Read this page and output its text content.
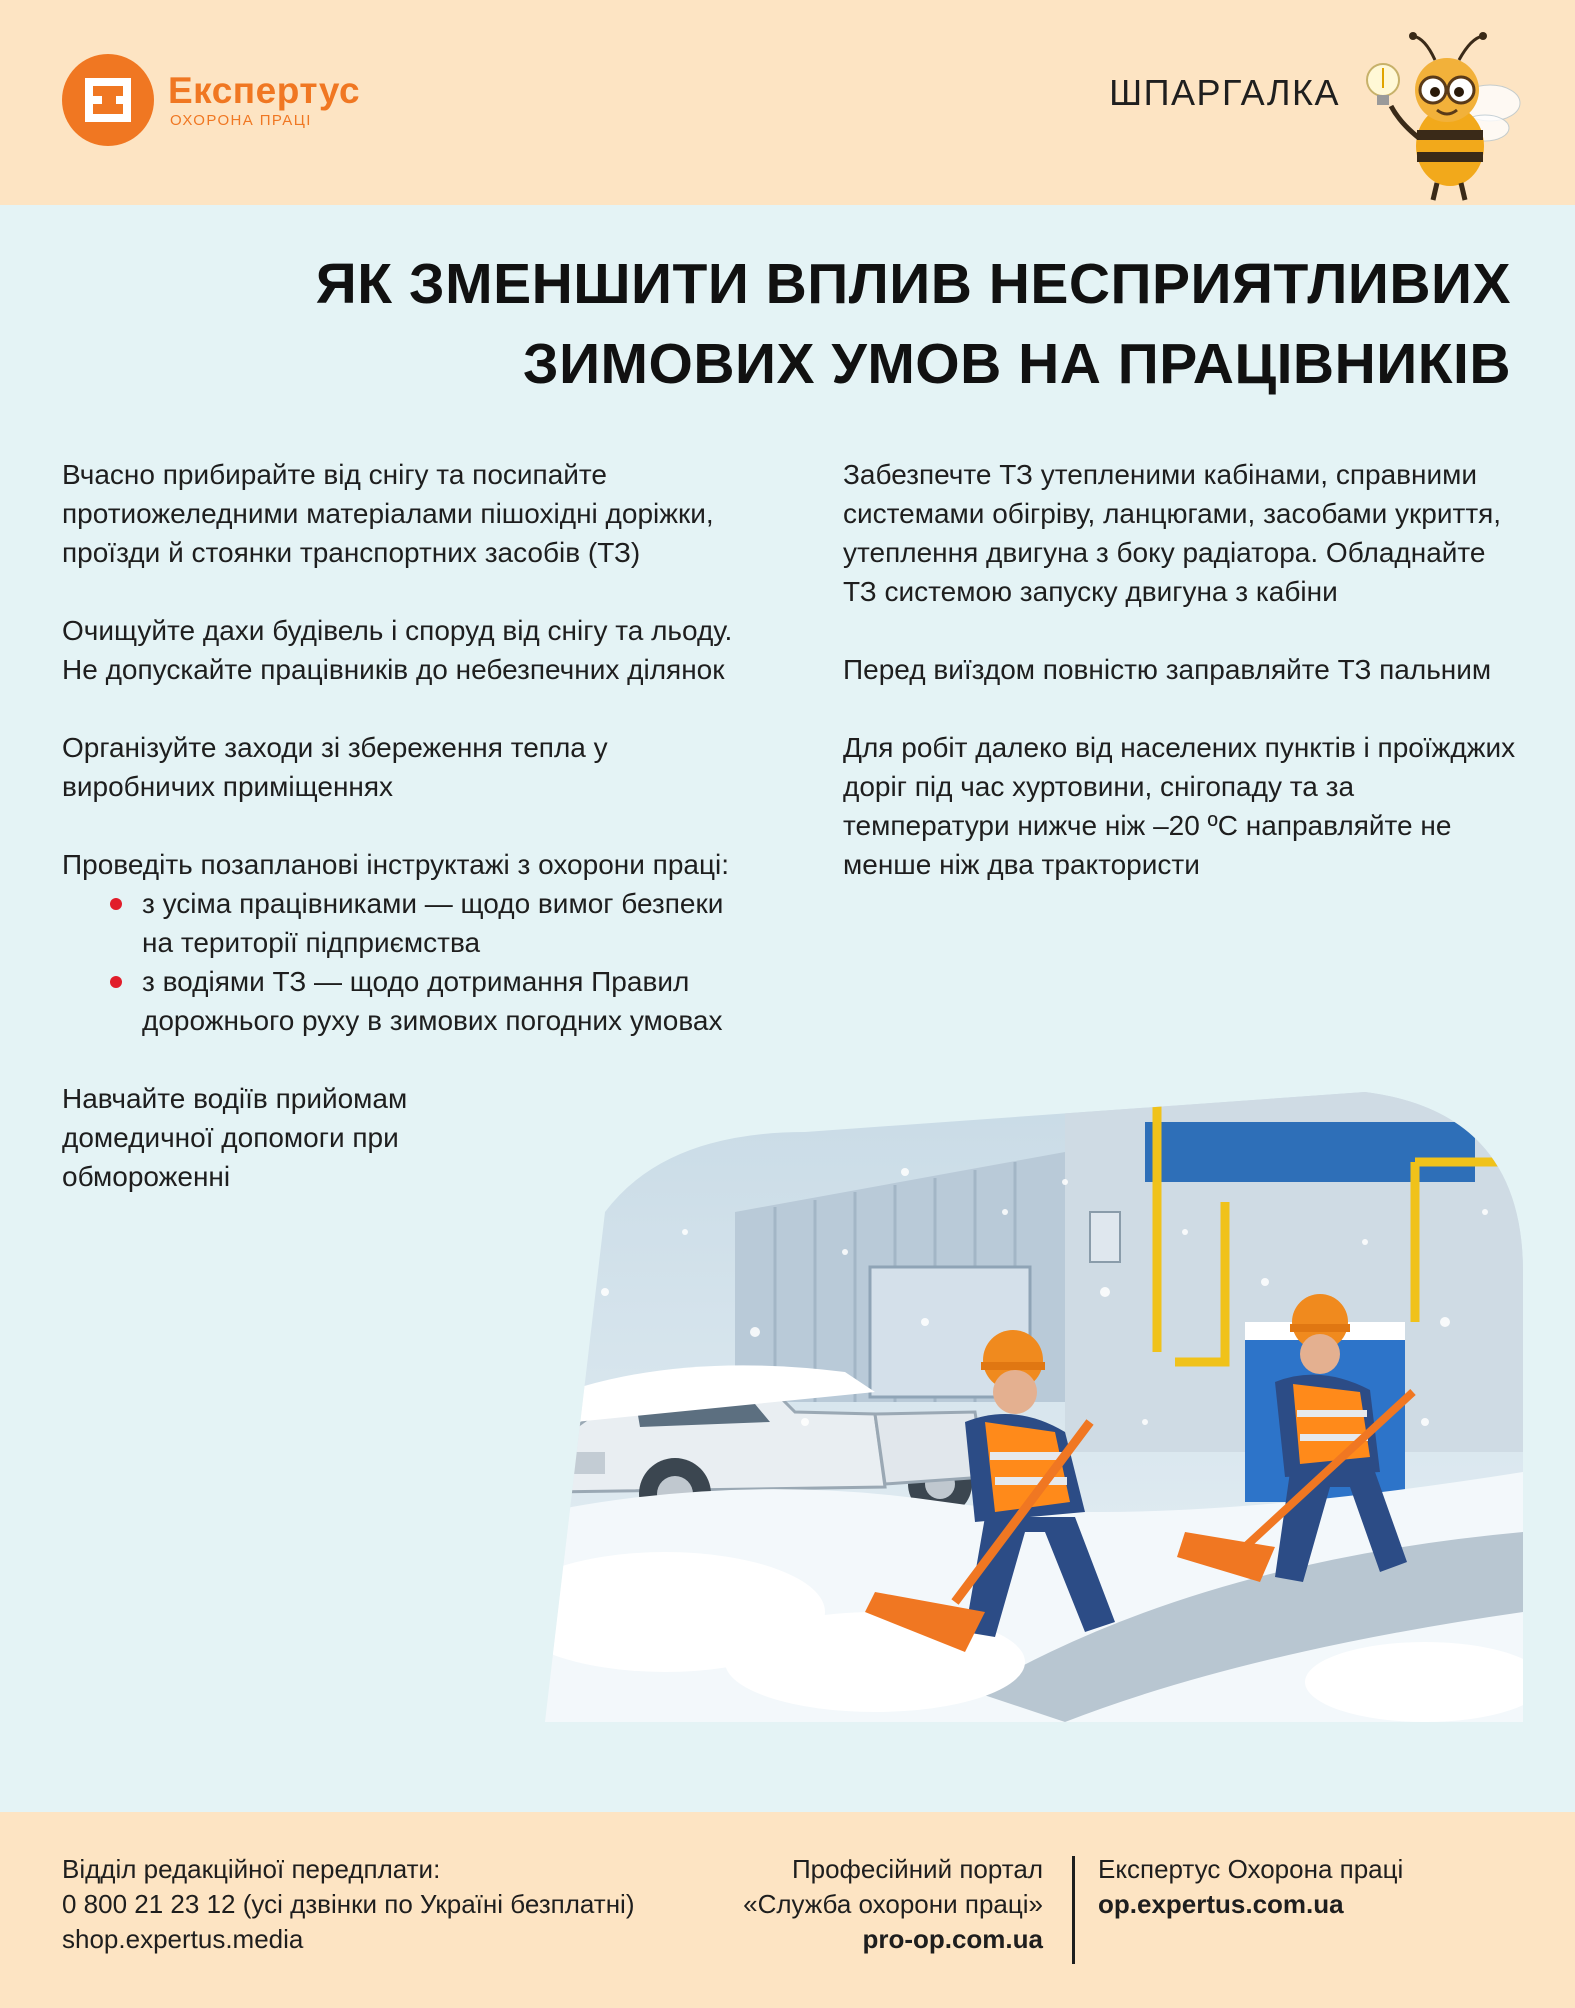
Експертус
ОХОРОНА ПРАЦІ
ШПАРГАЛКА
ЯК ЗМЕНШИТИ ВПЛИВ НЕСПРИЯТЛИВИХ
ЗИМОВИХ УМОВ НА ПРАЦІВНИКІВ

Вчасно прибирайте від снігу та посипайте протиожеледними матеріалами пішохідні доріжки, проїзди й стоянки транспортних засобів (ТЗ)

Очищуйте дахи будівель і споруд від снігу та льоду. Не допускайте працівників до небезпечних ділянок

Організуйте заходи зі збереження тепла у виробничих приміщеннях

Проведіть позапланові інструктажі з охорони праці:

з усіма працівниками — щодо вимог безпеки на території підприємства
з водіями ТЗ — щодо дотримання Правил дорожнього руху в зимових погодних умовах

Навчайте водіїв прийомам домедичної допомоги при обмороженні

Забезпечте ТЗ утепленими кабінами, справними системами обігріву, ланцюгами, засобами укриття, утеплення двигуна з боку радіатора. Обладнайте ТЗ системою запуску двигуна з кабіни

Перед виїздом повністю заправляйте ТЗ пальним

Для робіт далеко від населених пунктів і проїжджих доріг під час хуртовини, снігопаду та за температури нижче ніж –20 ºС направляйте не менше ніж два трактористи

Відділ редакційної передплати:
0 800 21 23 12 (усі дзвінки по Україні безплатні)
shop.expertus.media
Професійний портал
«Служба охорони праці»
pro-op.com.ua
Експертус Охорона праці
op.expertus.com.ua
